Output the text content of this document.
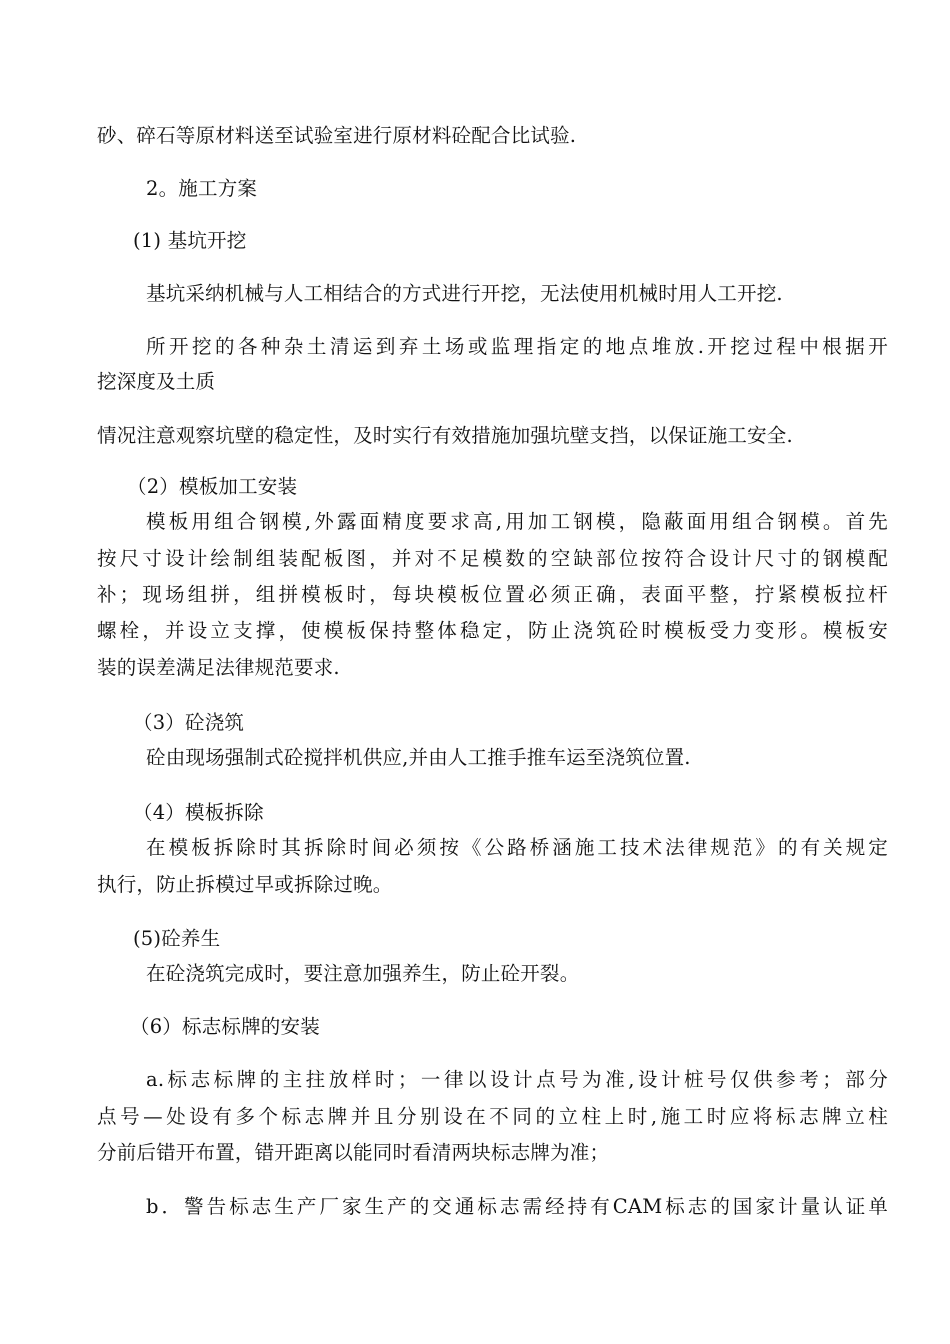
砂、碎石等原材料送至试验室进行原材料砼配合比试验.
2。施工方案
(1) 基坑开挖
基坑采纳机械与人工相结合的方式进行开挖，无法使用机械时用人工开挖.
所开挖的各种杂土清运到弃土场或监理指定的地点堆放.开挖过程中根据开
挖深度及土质
情况注意观察坑壁的稳定性，及时实行有效措施加强坑壁支挡，以保证施工安全.
（2）模板加工安装
模板用组合钢模,外露面精度要求高,用加工钢模，隐蔽面用组合钢模。首先
按尺寸设计绘制组装配板图，并对不足模数的空缺部位按符合设计尺寸的钢模配
补；现场组拼，组拼模板时，每块模板位置必须正确，表面平整，拧紧模板拉杆
螺栓，并设立支撑，使模板保持整体稳定，防止浇筑砼时模板受力变形。模板安
装的误差满足法律规范要求.
（3）砼浇筑
砼由现场强制式砼搅拌机供应,并由人工推手推车运至浇筑位置.
（4）模板拆除
在模板拆除时其拆除时间必须按《公路桥涵施工技术法律规范》的有关规定
执行，防止拆模过早或拆除过晚。
(5)砼养生
在砼浇筑完成时，要注意加强养生，防止砼开裂。
（6）标志标牌的安装
a.标志标牌的主拄放样时；一律以设计点号为准,设计桩号仅供参考；部分
点号—处设有多个标志牌并且分别设在不同的立柱上时,施工时应将标志牌立柱
分前后错开布置，错开距离以能同时看清两块标志牌为准；
b．警告标志生产厂家生产的交通标志需经持有CAM标志的国家计量认证单
